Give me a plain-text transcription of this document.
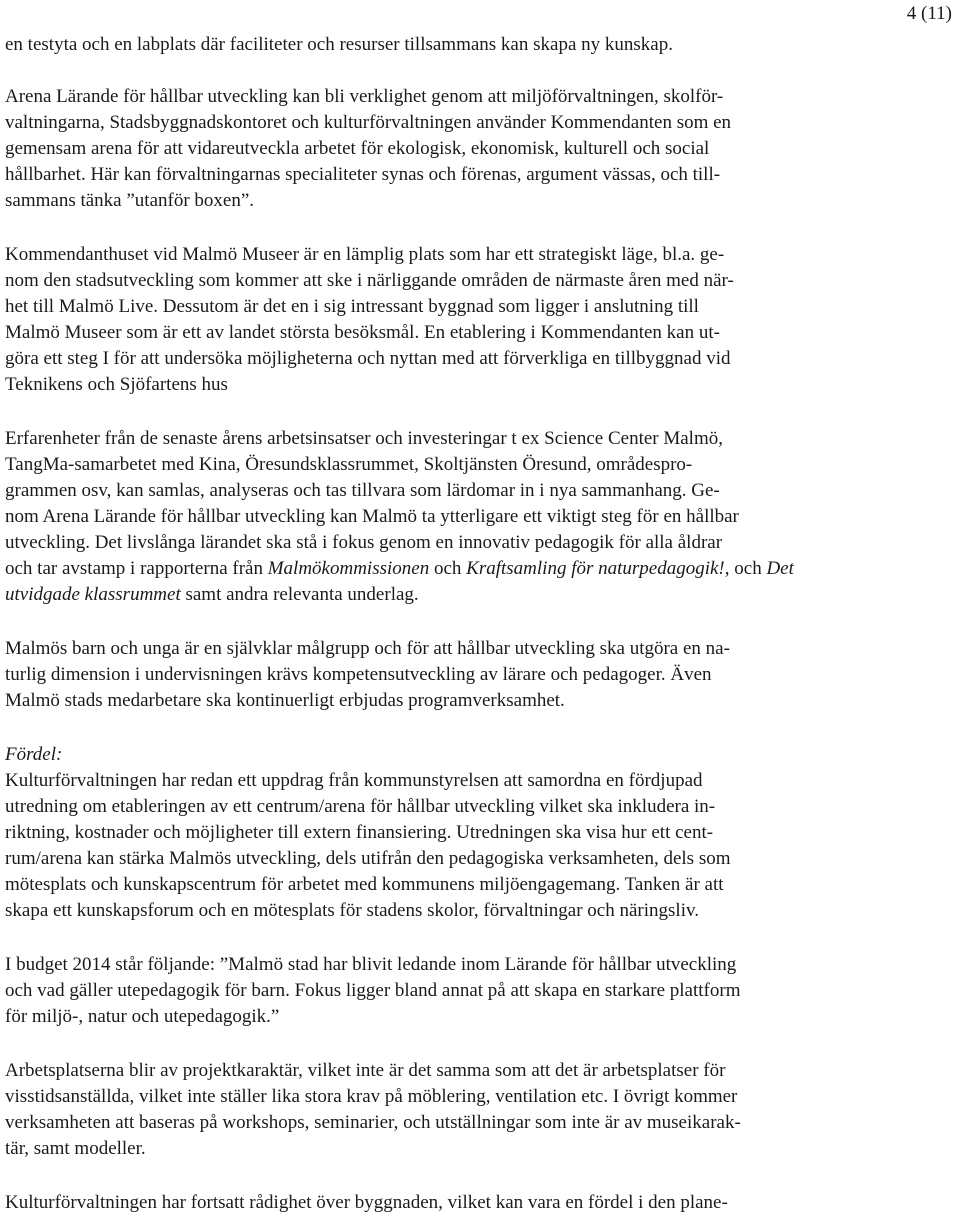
4 (11)

en testyta och en labplats där faciliteter och resurser tillsammans kan skapa ny kunskap.

Arena Lärande för hållbar utveckling kan bli verklighet genom att miljöförvaltningen, skolför-
valtningarna, Stadsbyggnadskontoret och kulturförvaltningen använder Kommendanten som en
gemensam arena för att vidareutveckla arbetet för ekologisk, ekonomisk, kulturell och social
hållbarhet. Här kan förvaltningarnas specialiteter synas och förenas, argument vässas, och till-
sammans tänka ”utanför boxen”.

Kommendanthuset vid Malmö Museer är en lämplig plats som har ett strategiskt läge, bl.a. ge-
nom den stadsutveckling som kommer att ske i närliggande områden de närmaste åren med när-
het till Malmö Live. Dessutom är det en i sig intressant byggnad som ligger i anslutning till
Malmö Museer som är ett av landet största besöksmål. En etablering i Kommendanten kan ut-
göra ett steg I för att undersöka möjligheterna och nyttan med att förverkliga en tillbyggnad vid
Teknikens och Sjöfartens hus

Erfarenheter från de senaste årens arbetsinsatser och investeringar t ex Science Center Malmö,
TangMa-samarbetet med Kina, Öresundsklassrummet, Skoltjänsten Öresund, områdespro-
grammen osv, kan samlas, analyseras och tas tillvara som lärdomar in i nya sammanhang. Ge-
nom Arena Lärande för hållbar utveckling kan Malmö ta ytterligare ett viktigt steg för en hållbar
utveckling. Det livslånga lärandet ska stå i fokus genom en innovativ pedagogik för alla åldrar
och tar avstamp i rapporterna från Malmökommissionen och Kraftsamling för naturpedagogik!, och Det
utvidgade klassrummet samt andra relevanta underlag.

Malmös barn och unga är en självklar målgrupp och för att hållbar utveckling ska utgöra en na-
turlig dimension i undervisningen krävs kompetensutveckling av lärare och pedagoger. Även
Malmö stads medarbetare ska kontinuerligt erbjudas programverksamhet.

Fördel:
Kulturförvaltningen har redan ett uppdrag från kommunstyrelsen att samordna en fördjupad
utredning om etableringen av ett centrum/arena för hållbar utveckling vilket ska inkludera in-
riktning, kostnader och möjligheter till extern finansiering. Utredningen ska visa hur ett cent-
rum/arena kan stärka Malmös utveckling, dels utifrån den pedagogiska verksamheten, dels som
mötesplats och kunskapscentrum för arbetet med kommunens miljöengagemang. Tanken är att
skapa ett kunskapsforum och en mötesplats för stadens skolor, förvaltningar och näringsliv.

I budget 2014 står följande: ”Malmö stad har blivit ledande inom Lärande för hållbar utveckling
och vad gäller utepedagogik för barn. Fokus ligger bland annat på att skapa en starkare plattform
för miljö-, natur och utepedagogik.”

Arbetsplatserna blir av projektkaraktär, vilket inte är det samma som att det är arbetsplatser för
visstidsanställda, vilket inte ställer lika stora krav på möblering, ventilation etc. I övrigt kommer
verksamheten att baseras på workshops, seminarier, och utställningar som inte är av museikarak-
tär, samt modeller.

Kulturförvaltningen har fortsatt rådighet över byggnaden, vilket kan vara en fördel i den plane-
